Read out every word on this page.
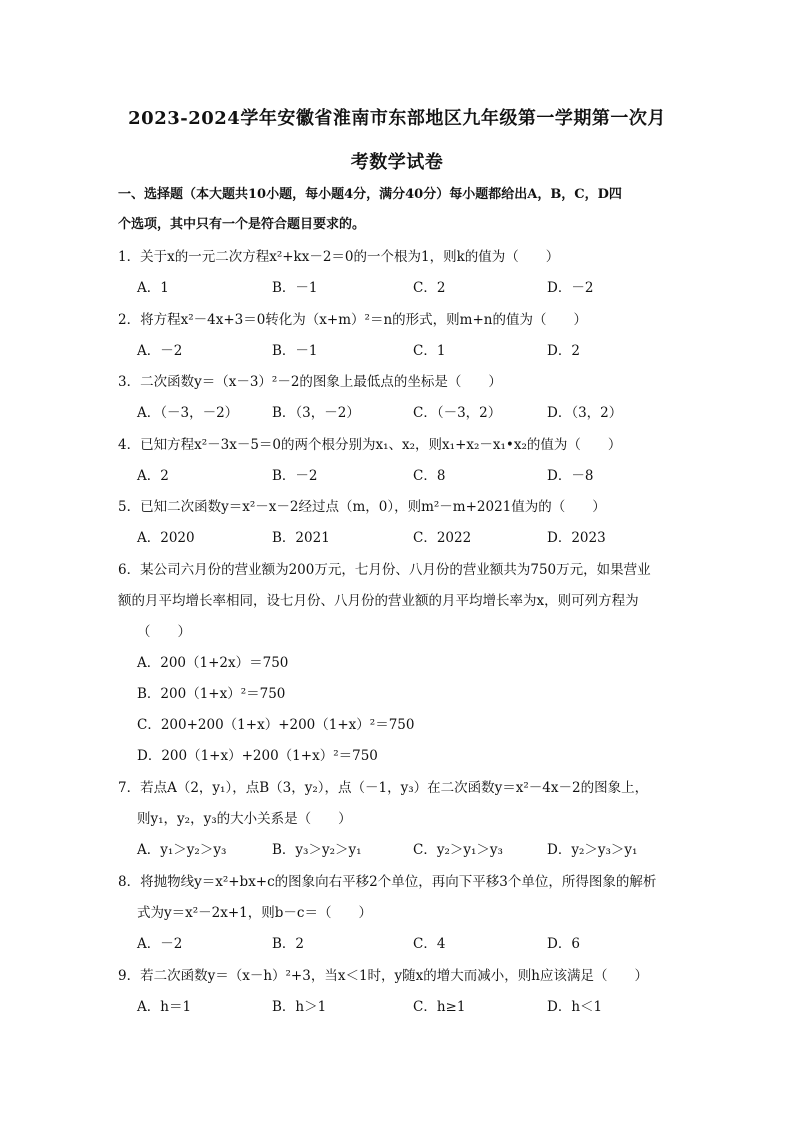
2023-2024学年安徽省淮南市东部地区九年级第一学期第一次月
考数学试卷
一、选择题（本大题共10小题，每小题4分，满分40分）每小题都给出A，B，C，D四
个选项，其中只有一个是符合题目要求的。
1．关于x的一元二次方程x²+kx－2＝0的一个根为1，则k的值为（　　）
A．1	B．－1	C．2	D．－2
2．将方程x²－4x+3＝0转化为（x+m）²＝n的形式，则m+n的值为（　　）
A．－2	B．－1	C．1	D．2
3．二次函数y＝（x－3）²－2的图象上最低点的坐标是（　　）
A．（－3，－2）	B．（3，－2）	C．（－3，2）	D．（3，2）
4．已知方程x²－3x－5＝0的两个根分别为x₁、x₂，则x₁+x₂－x₁•x₂的值为（　　）
A．2	B．－2	C．8	D．－8
5．已知二次函数y＝x²－x－2经过点（m，0），则m²－m+2021值为的（　　）
A．2020	B．2021	C．2022	D．2023
6．某公司六月份的营业额为200万元，七月份、八月份的营业额共为750万元，如果营业
额的月平均增长率相同，设七月份、八月份的营业额的月平均增长率为x，则可列方程为
（　　）
A．200（1+2x）＝750
B．200（1+x）²＝750
C．200+200（1+x）+200（1+x）²＝750
D．200（1+x）+200（1+x）²＝750
7．若点A（2，y₁），点B（3，y₂），点（－1，y₃）在二次函数y＝x²－4x－2的图象上，
则y₁，y₂，y₃的大小关系是（　　）
A．y₁＞y₂＞y₃	B．y₃＞y₂＞y₁	C．y₂＞y₁＞y₃	D．y₂＞y₃＞y₁
8．将抛物线y＝x²+bx+c的图象向右平移2个单位，再向下平移3个单位，所得图象的解析
式为y＝x²－2x+1，则b－c＝（　　）
A．－2	B．2	C．4	D．6
9．若二次函数y＝（x－h）²+3，当x＜1时，y随x的增大而减小，则h应该满足（　　）
A．h＝1	B．h＞1	C．h≥1	D．h＜1
